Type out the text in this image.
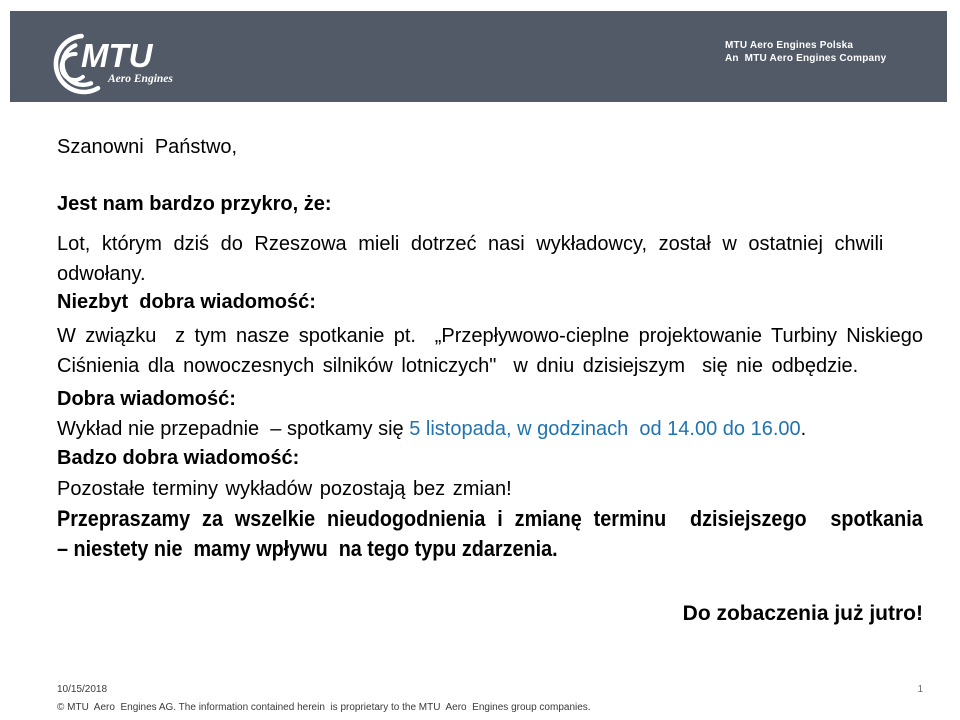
MTU
Aero Engines
MTU Aero Engines Polska
An  MTU Aero Engines Company
Szanowni  Państwo,
Jest nam bardzo przykro, że:
Lot, którym dziś do Rzeszowa mieli dotrzeć nasi wykładowcy, został w ostatniej chwili
odwołany.
Niezbyt  dobra wiadomość:
W związku  z tym nasze spotkanie pt.  „Przepływowo-cieplne projektowanie Turbiny Niskiego
Ciśnienia dla nowoczesnych silników lotniczych"  w dniu dzisiejszym  się nie odbędzie.
Dobra wiadomość:
Wykład nie przepadnie  – spotkamy się 5 listopada, w godzinach  od 14.00 do 16.00.
Badzo dobra wiadomość:
Pozostałe terminy wykładów pozostają bez zmian!
Przepraszamy za wszelkie nieudogodnienia i zmianę terminu  dzisiejszego  spotkania
– niestety nie  mamy wpływu  na tego typu zdarzenia.
Do zobaczenia już jutro!
10/15/2018
© MTU  Aero  Engines AG. The information contained herein  is proprietary to the MTU  Aero  Engines group companies.
1
